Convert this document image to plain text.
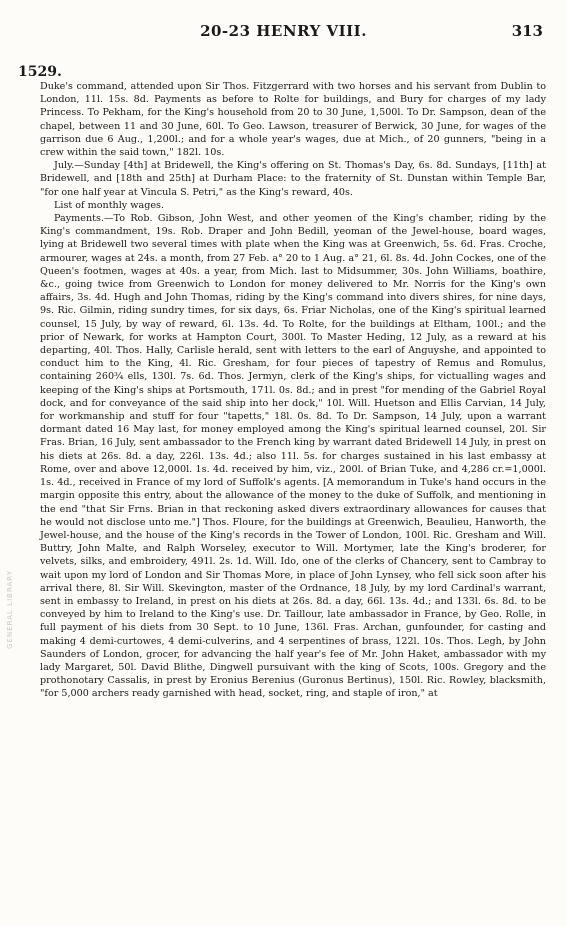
20-23 HENRY VIII.	313
1529.
GENERAL LIBRARY

Duke's command, attended upon Sir Thos. Fitzgerrard with two horses and his servant from Dublin to London, 11l. 15s. 8d. Payments as before to Rolte for buildings, and Bury for charges of my lady Princess. To Pekham, for the King's household from 20 to 30 June, 1,500l. To Dr. Sampson, dean of the chapel, between 11 and 30 June, 60l. To Geo. Lawson, treasurer of Berwick, 30 June, for wages of the garrison due 6 Aug., 1,200l.; and for a whole year's wages, due at Mich., of 20 gunners, "being in a crew within the said town," 182l. 10s.

July.—Sunday [4th] at Bridewell, the King's offering on St. Thomas's Day, 6s. 8d. Sundays, [11th] at Bridewell, and [18th and 25th] at Durham Place: to the fraternity of St. Dunstan within Temple Bar, "for one half year at Vincula S. Petri," as the King's reward, 40s.

List of monthly wages.

Payments.—To Rob. Gibson, John West, and other yeomen of the King's chamber, riding by the King's commandment, 19s. Rob. Draper and John Bedill, yeoman of the Jewel-house, board wages, lying at Bridewell two several times with plate when the King was at Greenwich, 5s. 6d. Fras. Croche, armourer, wages at 24s. a month, from 27 Feb. a° 20 to 1 Aug. a° 21, 6l. 8s. 4d. John Cockes, one of the Queen's footmen, wages at 40s. a year, from Mich. last to Midsummer, 30s. John Williams, boathire, &c., going twice from Greenwich to London for money delivered to Mr. Norris for the King's own affairs, 3s. 4d. Hugh and John Thomas, riding by the King's command into divers shires, for nine days, 9s. Ric. Gilmin, riding sundry times, for six days, 6s. Friar Nicholas, one of the King's spiritual learned counsel, 15 July, by way of reward, 6l. 13s. 4d. To Rolte, for the buildings at Eltham, 100l.; and the prior of Newark, for works at Hampton Court, 300l. To Master Heding, 12 July, as a reward at his departing, 40l. Thos. Hally, Carlisle herald, sent with letters to the earl of Anguyshe, and appointed to conduct him to the King, 4l. Ric. Gresham, for four pieces of tapestry of Remus and Romulus, containing 260¾ ells, 130l. 7s. 6d. Thos. Jermyn, clerk of the King's ships, for victualling wages and keeping of the King's ships at Portsmouth, 171l. 0s. 8d.; and in prest "for mending of the Gabriel Royal dock, and for conveyance of the said ship into her dock," 10l. Will. Huetson and Ellis Carvian, 14 July, for workmanship and stuff for four "tapetts," 18l. 0s. 8d. To Dr. Sampson, 14 July, upon a warrant dormant dated 16 May last, for money employed among the King's spiritual learned counsel, 20l. Sir Fras. Brian, 16 July, sent ambassador to the French king by warrant dated Bridewell 14 July, in prest on his diets at 26s. 8d. a day, 226l. 13s. 4d.; also 11l. 5s. for charges sustained in his last embassy at Rome, over and above 12,000l. 1s. 4d. received by him, viz., 200l. of Brian Tuke, and 4,286 cr.=1,000l. 1s. 4d., received in France of my lord of Suffolk's agents. [A memorandum in Tuke's hand occurs in the margin opposite this entry, about the allowance of the money to the duke of Suffolk, and mentioning in the end "that Sir Frns. Brian in that reckoning asked divers extraordinary allowances for causes that he would not disclose unto me."] Thos. Floure, for the buildings at Greenwich, Beaulieu, Hanworth, the Jewel-house, and the house of the King's records in the Tower of London, 100l. Ric. Gresham and Will. Buttry, John Malte, and Ralph Worseley, executor to Will. Mortymer, late the King's broderer, for velvets, silks, and embroidery, 491l. 2s. 1d. Will. Ido, one of the clerks of Chancery, sent to Cambray to wait upon my lord of London and Sir Thomas More, in place of John Lynsey, who fell sick soon after his arrival there, 8l. Sir Will. Skevington, master of the Ordnance, 18 July, by my lord Cardinal's warrant, sent in embassy to Ireland, in prest on his diets at 26s. 8d. a day, 66l. 13s. 4d.; and 133l. 6s. 8d. to be conveyed by him to Ireland to the King's use. Dr. Taillour, late ambassador in France, by Geo. Rolle, in full payment of his diets from 30 Sept. to 10 June, 136l. Fras. Archan, gunfounder, for casting and making 4 demi-curtowes, 4 demi-culverins, and 4 serpentines of brass, 122l. 10s. Thos. Legh, by John Saunders of London, grocer, for advancing the half year's fee of Mr. John Haket, ambassador with my lady Margaret, 50l. David Blithe, Dingwell pursuivant with the king of Scots, 100s. Gregory and the prothonotary Cassalis, in prest by Eronius Berenius (Guronus Bertinus), 150l. Ric. Rowley, blacksmith, "for 5,000 archers ready garnished with head, socket, ring, and staple of iron," at
